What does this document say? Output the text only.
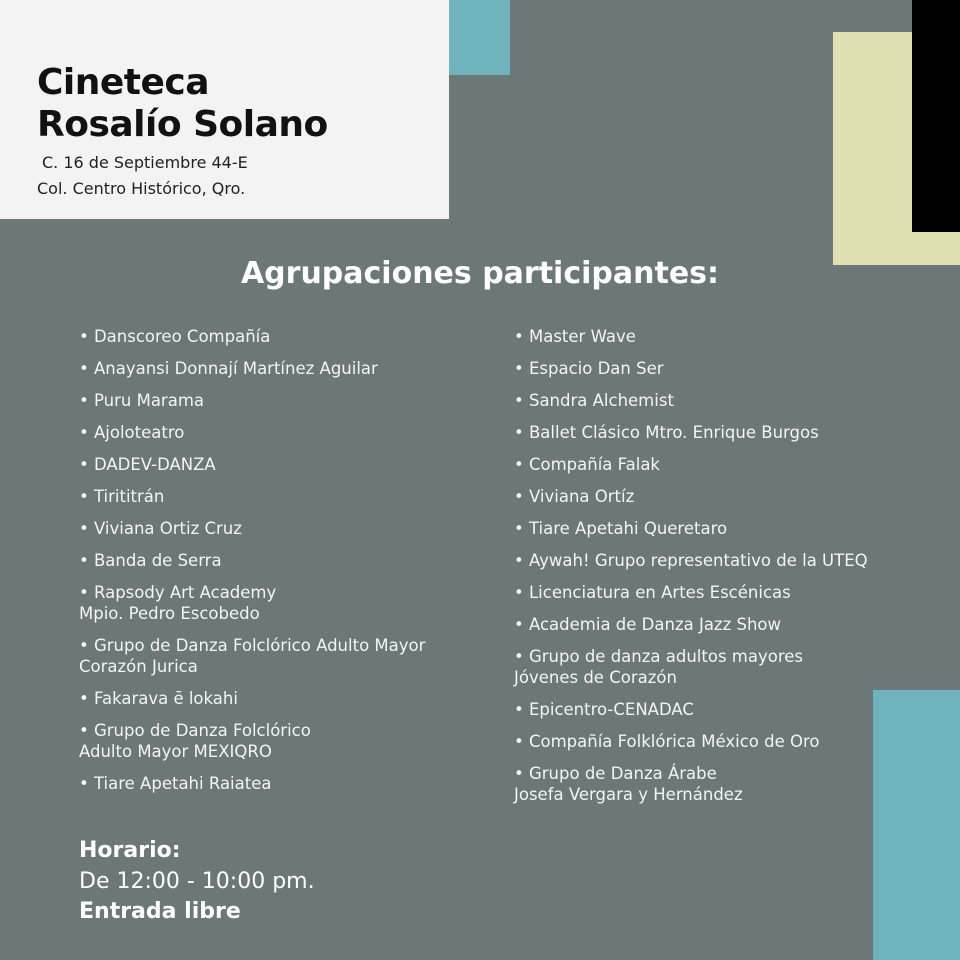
Cineteca
Rosalío Solano
C. 16 de Septiembre 44-E
Col. Centro Histórico, Qro.
Agrupaciones participantes:
• Danscoreo Compañía
• Anayansi Donnají Martínez Aguilar
• Puru Marama
• Ajoloteatro
• DADEV-DANZA
• Tirititrán
• Viviana Ortiz Cruz
• Banda de Serra
• Rapsody Art Academy
Mpio. Pedro Escobedo
• Grupo de Danza Folclórico Adulto Mayor
Corazón Jurica
• Fakarava ē lokahi
• Grupo de Danza Folclórico
Adulto Mayor MEXIQRO
• Tiare Apetahi Raiatea
• Master Wave
• Espacio Dan Ser
• Sandra Alchemist
• Ballet Clásico Mtro. Enrique Burgos
• Compañía Falak
• Viviana Ortíz
• Tiare Apetahi Queretaro
• Aywah! Grupo representativo de la UTEQ
• Licenciatura en Artes Escénicas
• Academia de Danza Jazz Show
• Grupo de danza adultos mayores
Jóvenes de Corazón
• Epicentro-CENADAC
• Compañía Folklórica México de Oro
• Grupo de Danza Árabe
Josefa Vergara y Hernández
Horario:
De 12:00 - 10:00 pm.
Entrada libre
